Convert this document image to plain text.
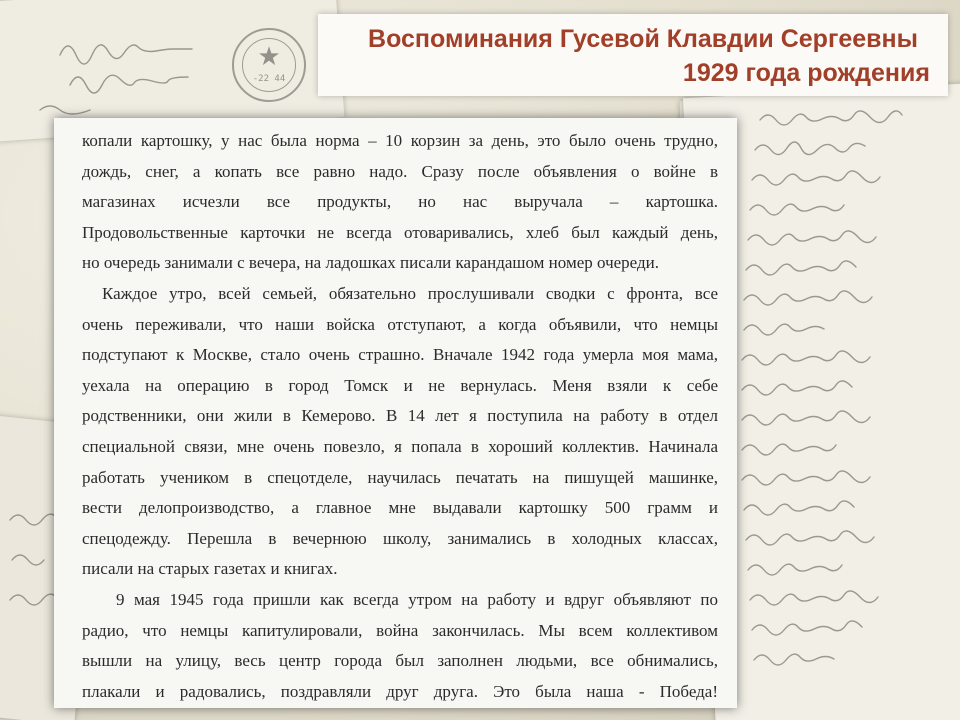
★
-22 44
Воспоминания Гусевой Клавдии Сергеевны
1929 года рождения

копали картошку, у нас была норма – 10 корзин за день, это было очень трудно,

дождь, снег, а копать все равно надо. Сразу после объявления о войне в

магазинах исчезли все продукты, но нас выручала – картошка.

Продовольственные карточки не всегда отоваривались, хлеб был каждый день,

но очередь занимали с вечера, на ладошках писали карандашом номер очереди.

Каждое утро, всей семьей, обязательно прослушивали сводки с фронта, все

очень переживали, что наши войска отступают, а когда объявили, что немцы

подступают к Москве, стало очень страшно. Вначале 1942 года умерла моя мама,

уехала на операцию в город Томск и не вернулась. Меня взяли к себе

родственники, они жили в Кемерово. В 14 лет я поступила на работу в отдел

специальной связи, мне очень повезло, я попала в хороший коллектив. Начинала

работать учеником в спецотделе, научилась печатать на пишущей машинке,

вести делопроизводство, а главное мне выдавали картошку 500 грамм и

спецодежду. Перешла в вечернюю школу, занимались в холодных классах,

писали на старых газетах и книгах.

9 мая 1945 года пришли как всегда утром на работу и вдруг объявляют по

радио, что немцы капитулировали, война закончилась. Мы всем коллективом

вышли на улицу, весь центр города был заполнен людьми, все обнимались,

плакали и радовались, поздравляли друг друга. Это была наша - Победа!
